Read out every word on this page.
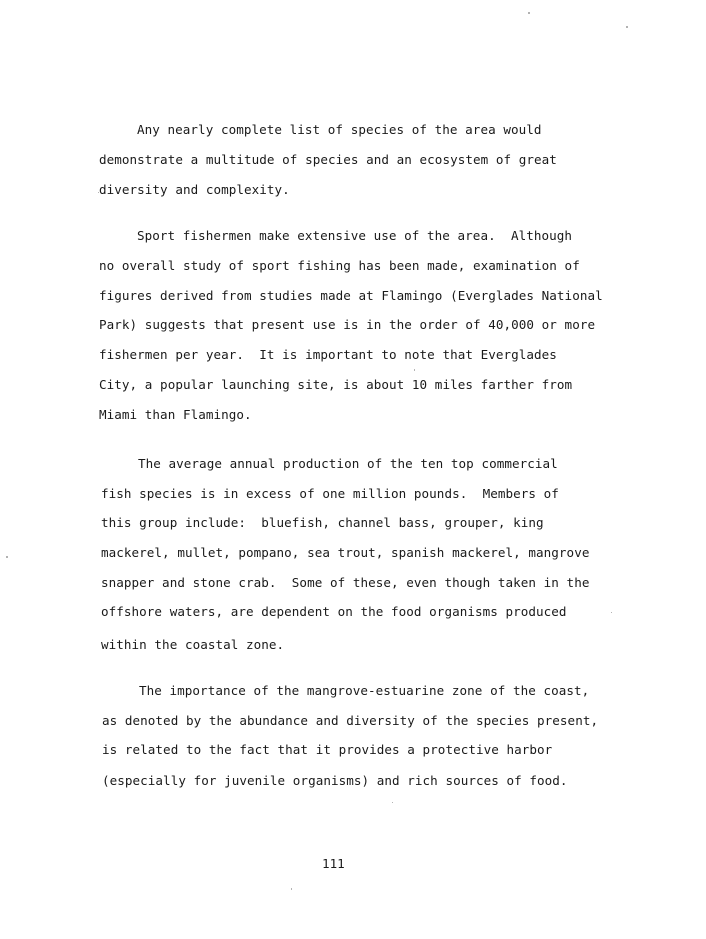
Any nearly complete list of species of the area would
demonstrate a multitude of species and an ecosystem of great
diversity and complexity.
Sport fishermen make extensive use of the area.  Although
no overall study of sport fishing has been made, examination of
figures derived from studies made at Flamingo (Everglades National
Park) suggests that present use is in the order of 40,000 or more
fishermen per year.  It is important to note that Everglades
City, a popular launching site, is about 10 miles farther from
Miami than Flamingo.
The average annual production of the ten top commercial
fish species is in excess of one million pounds.  Members of
this group include:  bluefish, channel bass, grouper, king
mackerel, mullet, pompano, sea trout, spanish mackerel, mangrove
snapper and stone crab.  Some of these, even though taken in the
offshore waters, are dependent on the food organisms produced
within the coastal zone.
The importance of the mangrove-estuarine zone of the coast,
as denoted by the abundance and diversity of the species present,
is related to the fact that it provides a protective harbor
(especially for juvenile organisms) and rich sources of food.
111
